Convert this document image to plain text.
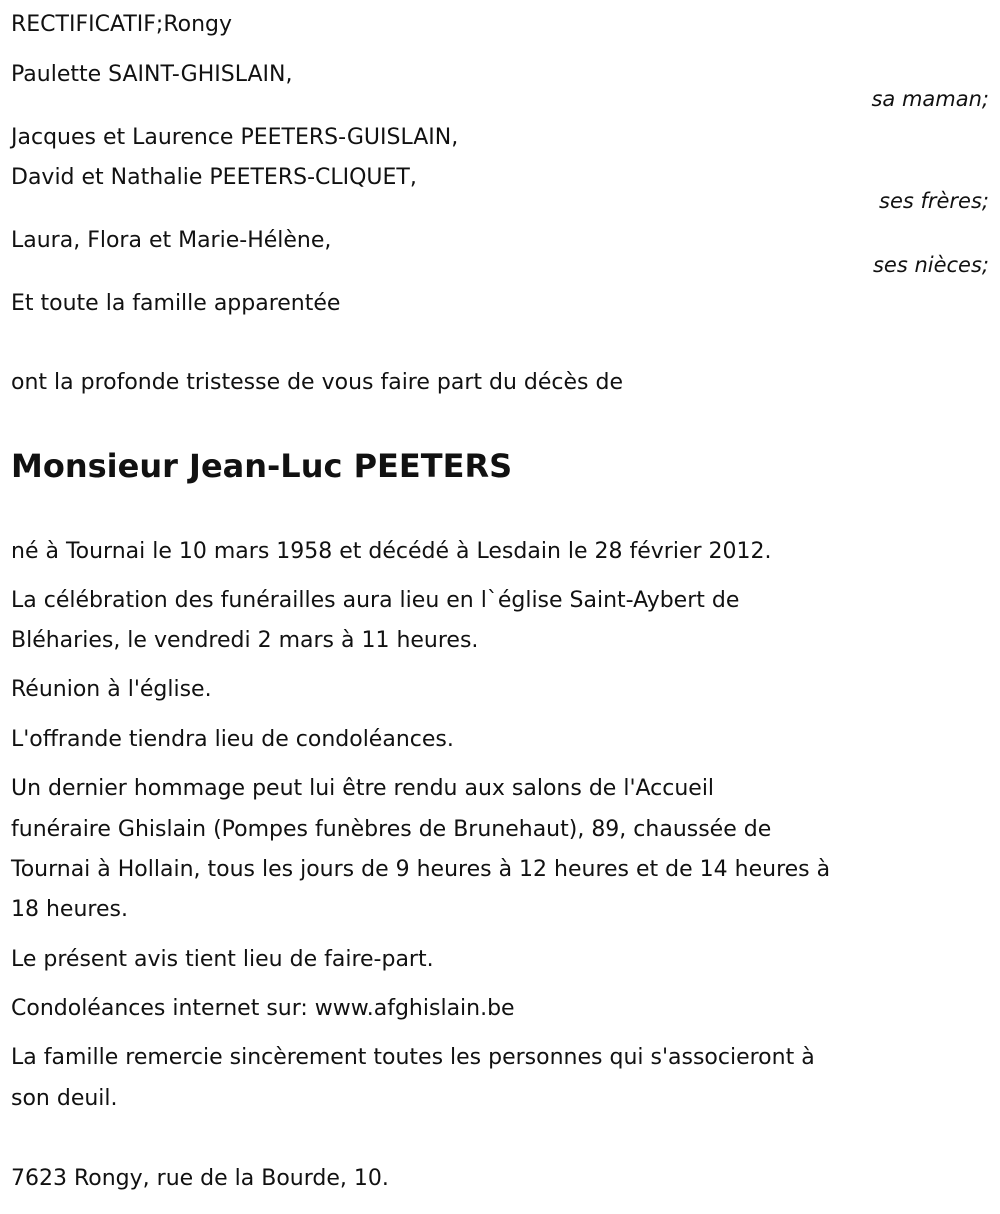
RECTIFICATIF;Rongy
Paulette SAINT-GHISLAIN,
sa maman;
Jacques et Laurence PEETERS-GUISLAIN,
David et Nathalie PEETERS-CLIQUET,
ses frères;
Laura, Flora et Marie-Hélène,
ses nièces;
Et toute la famille apparentée
ont la profonde tristesse de vous faire part du décès de
Monsieur Jean-Luc PEETERS
né à Tournai le 10 mars 1958 et décédé à Lesdain le 28 février 2012.
La célébration des funérailles aura lieu en l`église Saint-Aybert de
Bléharies, le vendredi 2 mars à 11 heures.
Réunion à l'église.
L'offrande tiendra lieu de condoléances.
Un dernier hommage peut lui être rendu aux salons de l'Accueil
funéraire Ghislain (Pompes funèbres de Brunehaut), 89, chaussée de
Tournai à Hollain, tous les jours de 9 heures à 12 heures et de 14 heures à
18 heures.
Le présent avis tient lieu de faire-part.
Condoléances internet sur: www.afghislain.be
La famille remercie sincèrement toutes les personnes qui s'associeront à
son deuil.
7623 Rongy, rue de la Bourde, 10.
